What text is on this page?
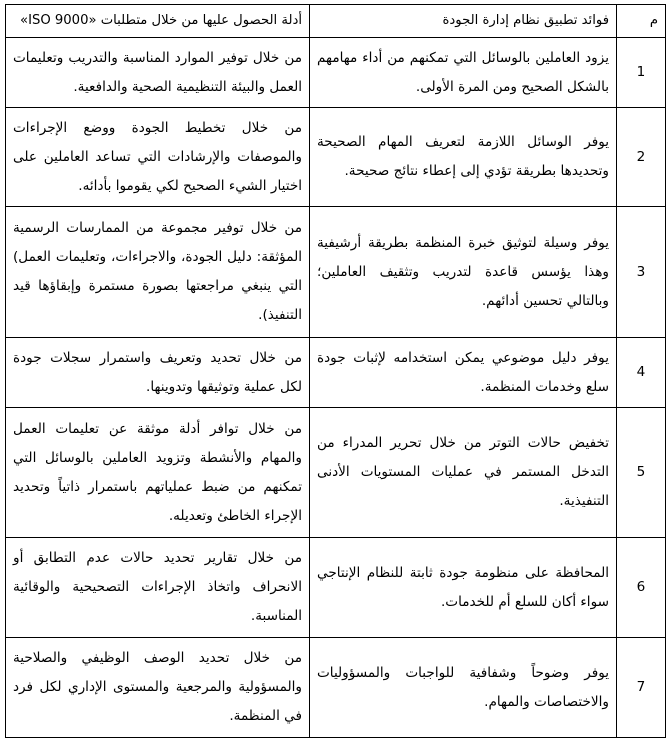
م	فوائد تطبيق نظام إدارة الجودة	أدلة الحصول عليها من خلال متطلبات «ISO 9000»
1	يزود العاملين بالوسائل التي تمكنهم من أداء مهامهم بالشكل الصحيح ومن المرة الأولى.	من خلال توفير الموارد المناسبة والتدريب وتعليمات العمل والبيئة التنظيمية الصحية والدافعية.
2	يوفر الوسائل اللازمة لتعريف المهام الصحيحة وتحديدها بطريقة تؤدي إلى إعطاء نتائج صحيحة.	من خلال تخطيط الجودة ووضع الإجراءات والموصفات والإرشادات التي تساعد العاملين على اختيار الشيء الصحيح لكي يقوموا بأدائه.
3	يوفر وسيلة لتوثيق خبرة المنظمة بطريقة أرشيفية وهذا يؤسس قاعدة لتدريب وتثقيف العاملين؛ وبالتالي تحسين أدائهم.	من خلال توفير مجموعة من الممارسات الرسمية المؤثقة: دليل الجودة، والاجراءات، وتعليمات العمل) التي ينبغي مراجعتها بصورة مستمرة وإبقاؤها قيد التنفيذ).
4	يوفر دليل موضوعي يمكن استخدامه لإثبات جودة سلع وخدمات المنظمة.	من خلال تحديد وتعريف واستمرار سجلات جودة لكل عملية وتوثيقها وتدوينها.
5	تخفيض حالات التوتر من خلال تحرير المدراء من التدخل المستمر في عمليات المستويات الأدنى التنفيذية.	من خلال توافر أدلة موثقة عن تعليمات العمل والمهام والأنشطة وتزويد العاملين بالوسائل التي تمكنهم من ضبط عملياتهم باستمرار ذاتياً وتحديد الإجراء الخاطئ وتعديله.
6	المحافظة على منظومة جودة ثابتة للنظام الإنتاجي سواء أكان للسلع أم للخدمات.	من خلال تقارير تحديد حالات عدم التطابق أو الانحراف واتخاذ الإجراءات التصحيحية والوقائية المناسبة.
7	يوفر وضوحاً وشفافية للواجبات والمسؤوليات والاختصاصات والمهام.	من خلال تحديد الوصف الوظيفي والصلاحية والمسؤولية والمرجعية والمستوى الإداري لكل فرد في المنظمة.
